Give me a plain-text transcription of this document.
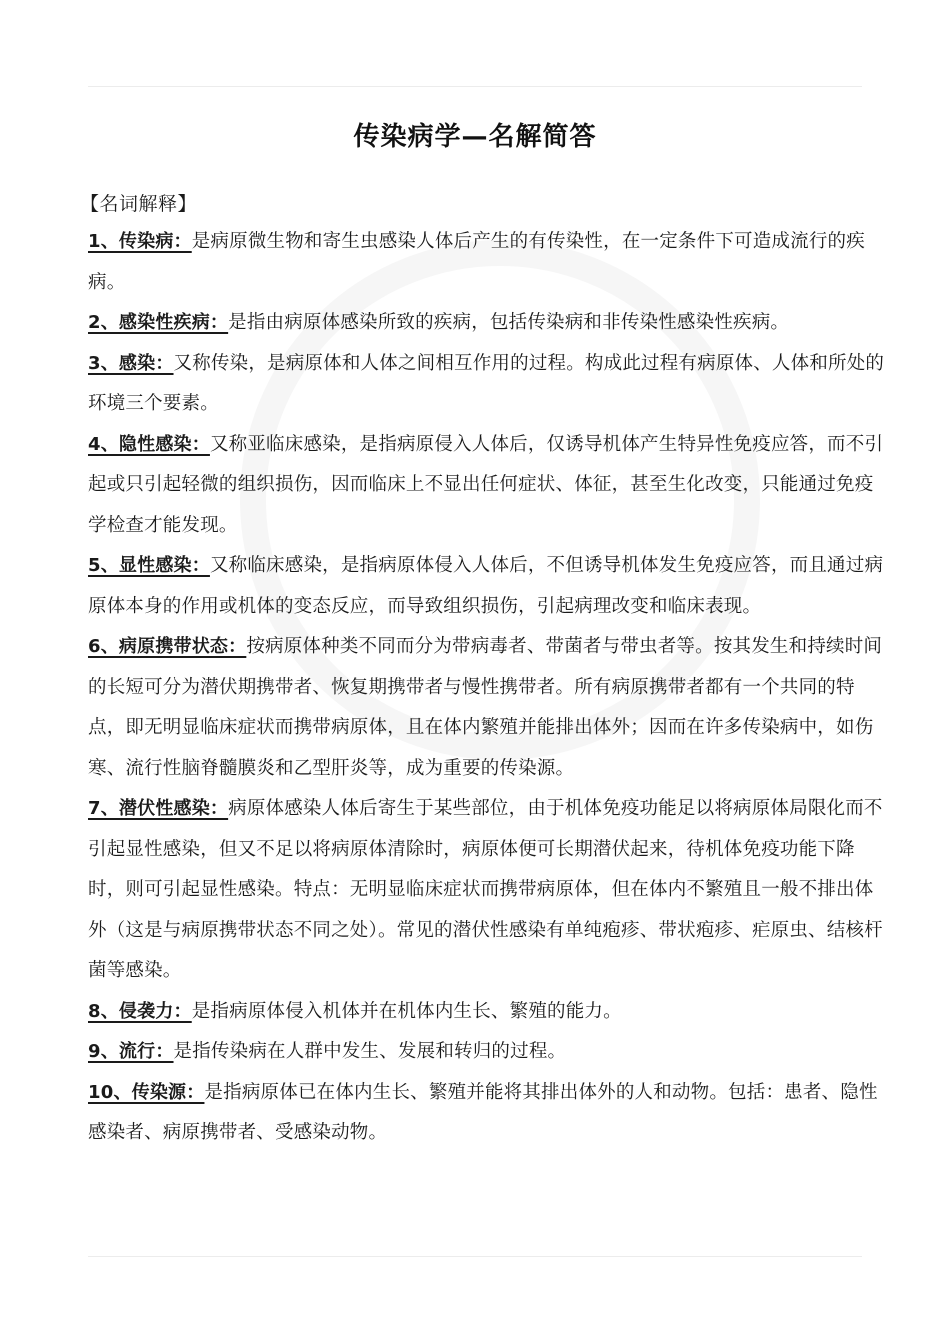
传染病学—名解简答
【名词解释】
1、传染病：是病原微生物和寄生虫感染人体后产生的有传染性，在一定条件下可造成流行的疾病。
2、感染性疾病：是指由病原体感染所致的疾病，包括传染病和非传染性感染性疾病。
3、感染：又称传染，是病原体和人体之间相互作用的过程。构成此过程有病原体、人体和所处的环境三个要素。
4、隐性感染：又称亚临床感染，是指病原侵入人体后，仅诱导机体产生特异性免疫应答，而不引起或只引起轻微的组织损伤，因而临床上不显出任何症状、体征，甚至生化改变，只能通过免疫学检查才能发现。
5、显性感染：又称临床感染，是指病原体侵入人体后，不但诱导机体发生免疫应答，而且通过病原体本身的作用或机体的变态反应，而导致组织损伤，引起病理改变和临床表现。
6、病原携带状态：按病原体种类不同而分为带病毒者、带菌者与带虫者等。按其发生和持续时间的长短可分为潜伏期携带者、恢复期携带者与慢性携带者。所有病原携带者都有一个共同的特点，即无明显临床症状而携带病原体，且在体内繁殖并能排出体外；因而在许多传染病中，如伤寒、流行性脑脊髓膜炎和乙型肝炎等，成为重要的传染源。
7、潜伏性感染：病原体感染人体后寄生于某些部位，由于机体免疫功能足以将病原体局限化而不引起显性感染，但又不足以将病原体清除时，病原体便可长期潜伏起来，待机体免疫功能下降时，则可引起显性感染。特点：无明显临床症状而携带病原体，但在体内不繁殖且一般不排出体外（这是与病原携带状态不同之处）。常见的潜伏性感染有单纯疱疹、带状疱疹、疟原虫、结核杆菌等感染。
8、侵袭力：是指病原体侵入机体并在机体内生长、繁殖的能力。
9、流行：是指传染病在人群中发生、发展和转归的过程。
10、传染源：是指病原体已在体内生长、繁殖并能将其排出体外的人和动物。包括：患者、隐性感染者、病原携带者、受感染动物。
